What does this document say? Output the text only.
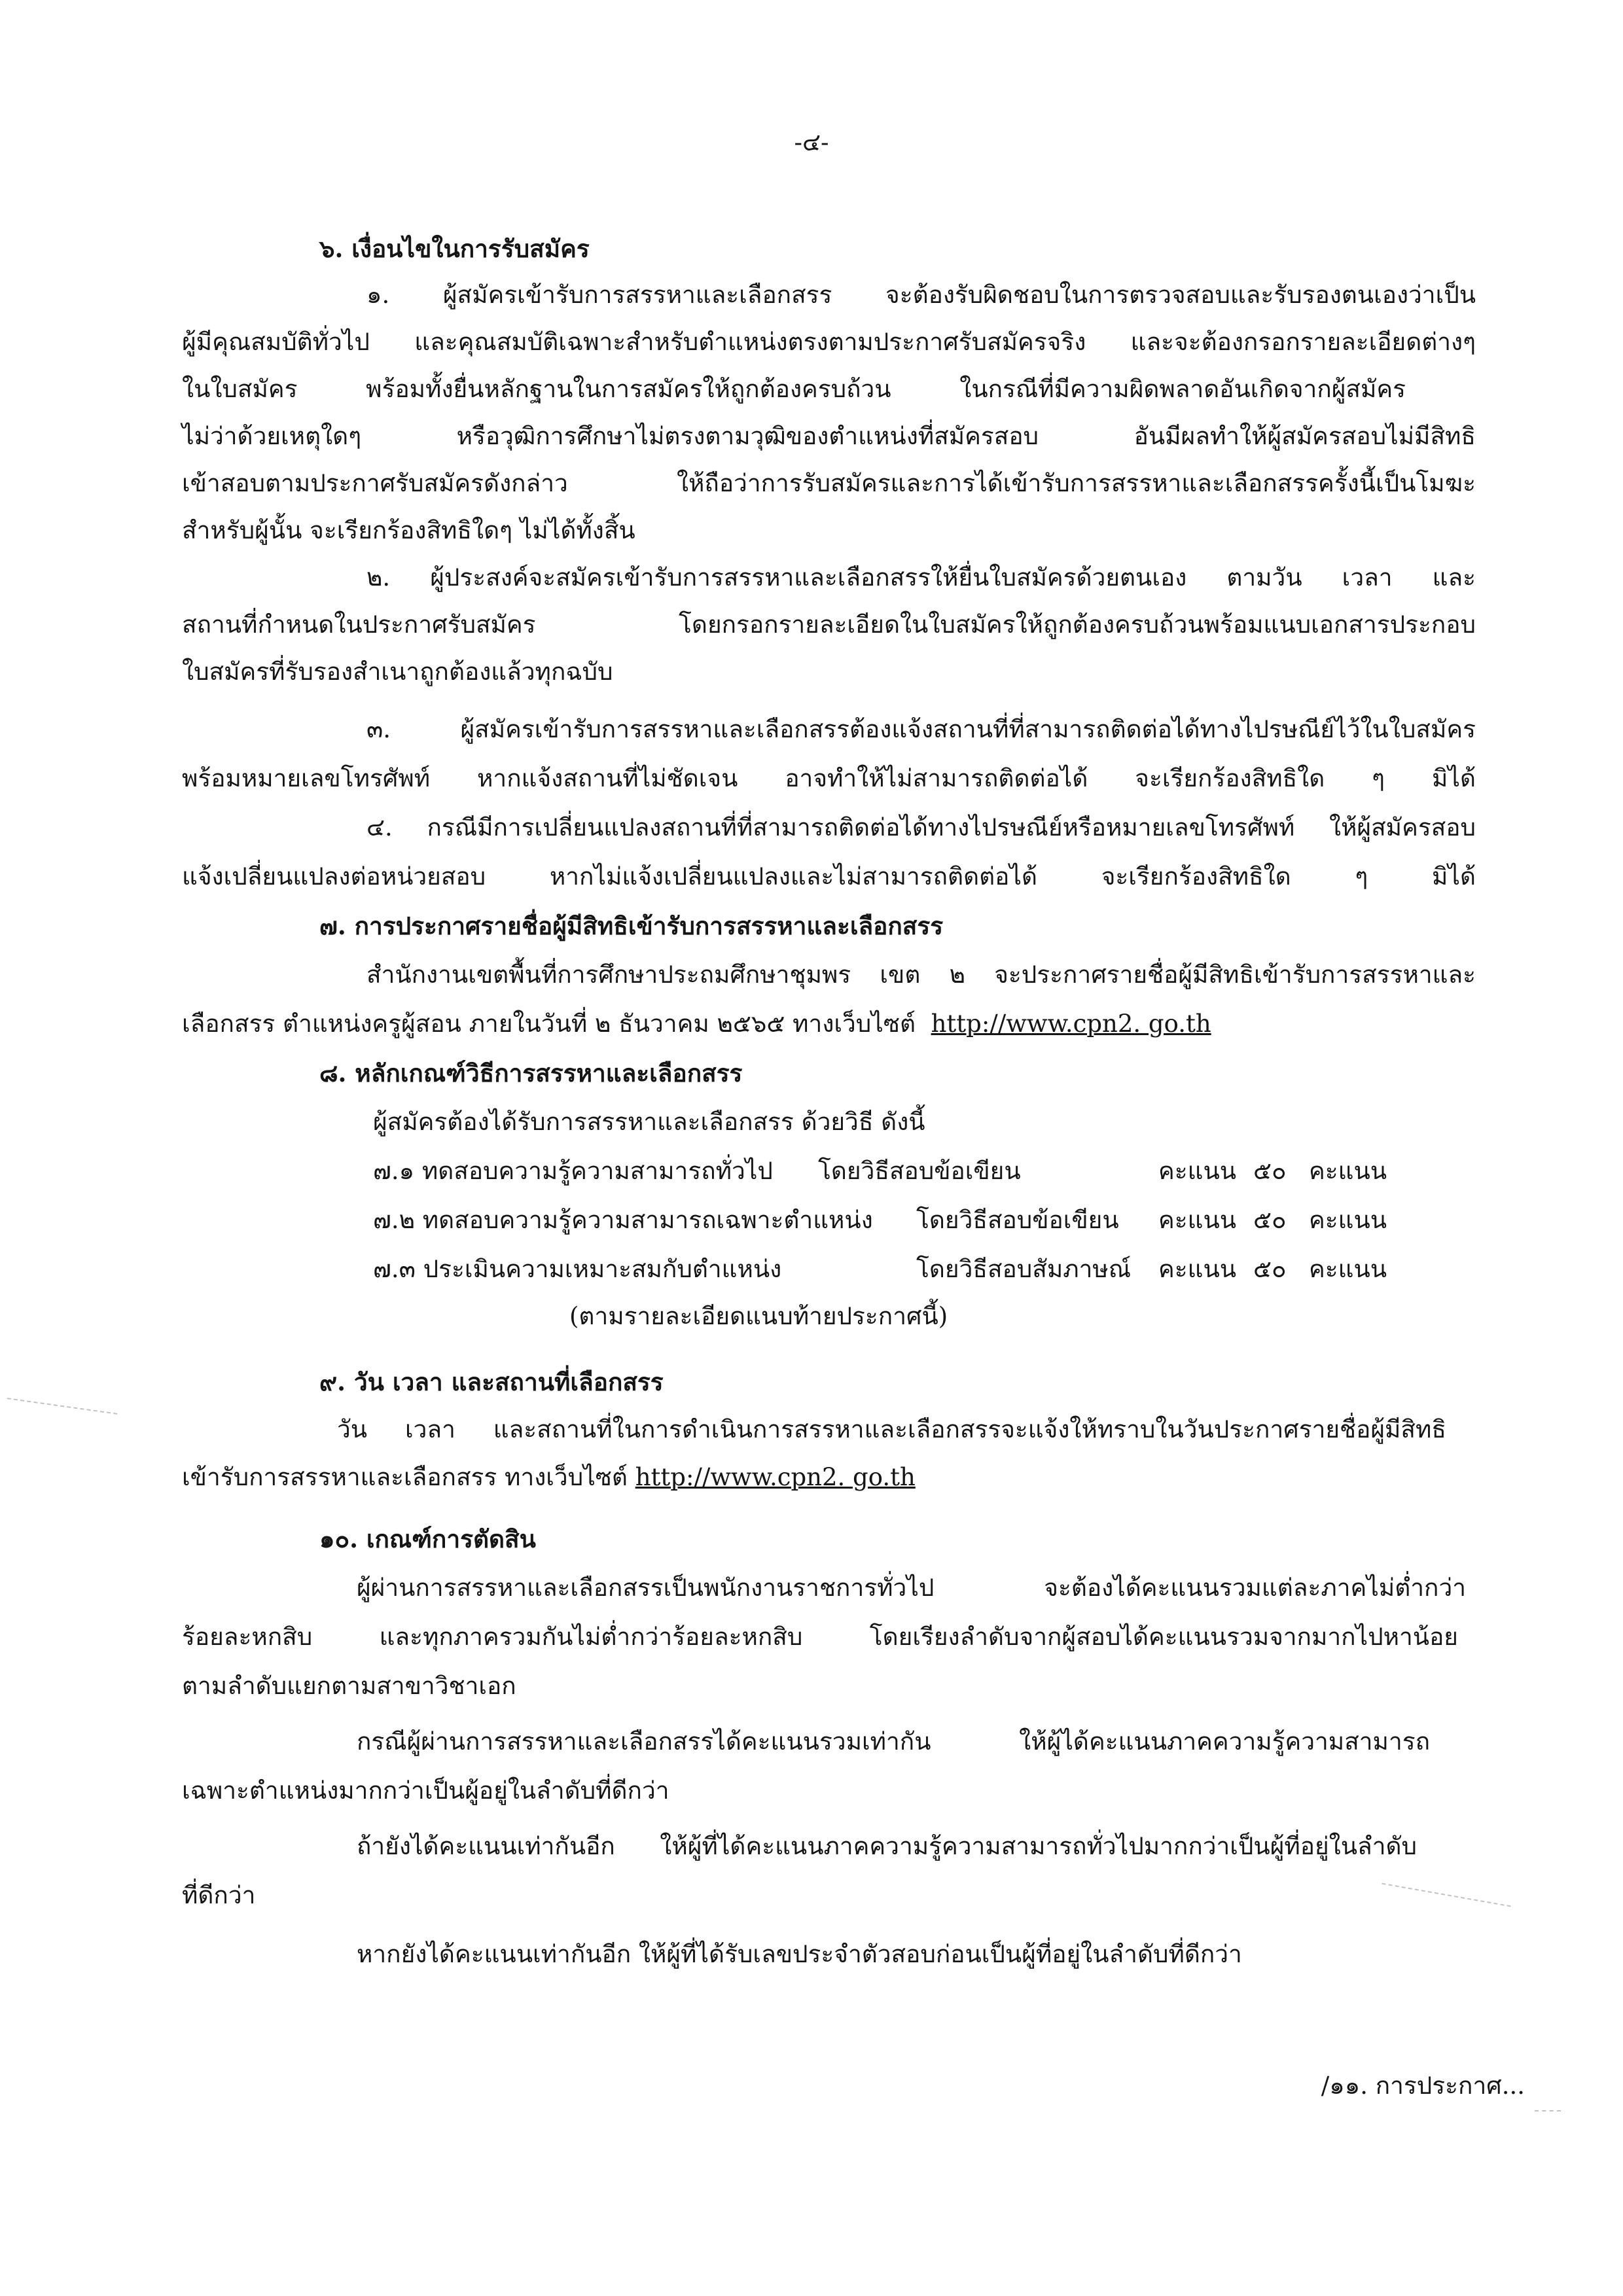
-๔-
๖. เงื่อนไขในการรับสมัคร
๑. ผู้สมัครเข้ารับการสรรหาและเลือกสรร จะต้องรับผิดชอบในการตรวจสอบและรับรองตนเองว่าเป็น
ผู้มีคุณสมบัติทั่วไป และคุณสมบัติเฉพาะสำหรับตำแหน่งตรงตามประกาศรับสมัครจริง และจะต้องกรอกรายละเอียดต่างๆ
ในใบสมัคร พร้อมทั้งยื่นหลักฐานในการสมัครให้ถูกต้องครบถ้วน ในกรณีที่มีความผิดพลาดอันเกิดจากผู้สมัคร
ไม่ว่าด้วยเหตุใดๆ หรือวุฒิการศึกษาไม่ตรงตามวุฒิของตำแหน่งที่สมัครสอบ อันมีผลทำให้ผู้สมัครสอบไม่มีสิทธิ
เข้าสอบตามประกาศรับสมัครดังกล่าว ให้ถือว่าการรับสมัครและการได้เข้ารับการสรรหาและเลือกสรรครั้งนี้เป็นโมฆะ
สำหรับผู้นั้น จะเรียกร้องสิทธิใดๆ ไม่ได้ทั้งสิ้น
๒. ผู้ประสงค์จะสมัครเข้ารับการสรรหาและเลือกสรรให้ยื่นใบสมัครด้วยตนเอง ตามวัน เวลา และ
สถานที่กำหนดในประกาศรับสมัคร โดยกรอกรายละเอียดในใบสมัครให้ถูกต้องครบถ้วนพร้อมแนบเอกสารประกอบ
ใบสมัครที่รับรองสำเนาถูกต้องแล้วทุกฉบับ
๓. ผู้สมัครเข้ารับการสรรหาและเลือกสรรต้องแจ้งสถานที่ที่สามารถติดต่อได้ทางไปรษณีย์ไว้ในใบสมัคร
พร้อมหมายเลขโทรศัพท์ หากแจ้งสถานที่ไม่ชัดเจน อาจทำให้ไม่สามารถติดต่อได้ จะเรียกร้องสิทธิใด ๆ มิได้
๔. กรณีมีการเปลี่ยนแปลงสถานที่ที่สามารถติดต่อได้ทางไปรษณีย์หรือหมายเลขโทรศัพท์ ให้ผู้สมัครสอบ
แจ้งเปลี่ยนแปลงต่อหน่วยสอบ หากไม่แจ้งเปลี่ยนแปลงและไม่สามารถติดต่อได้ จะเรียกร้องสิทธิใด ๆ มิได้
๗. การประกาศรายชื่อผู้มีสิทธิเข้ารับการสรรหาและเลือกสรร
สำนักงานเขตพื้นที่การศึกษาประถมศึกษาชุมพร เขต ๒ จะประกาศรายชื่อผู้มีสิทธิเข้ารับการสรรหาและ
เลือกสรร ตำแหน่งครูผู้สอน ภายในวันที่ ๒ ธันวาคม ๒๕๖๕ ทางเว็บไซต์ http://www.cpn2. go.th
๘. หลักเกณฑ์วิธีการสรรหาและเลือกสรร
ผู้สมัครต้องได้รับการสรรหาและเลือกสรร ด้วยวิธี ดังนี้
๗.๑ ทดสอบความรู้ความสามารถทั่วไป โดยวิธีสอบข้อเขียน	คะแนน ๕๐ คะแนน
๗.๒ ทดสอบความรู้ความสามารถเฉพาะตำแหน่ง โดยวิธีสอบข้อเขียน คะแนน ๕๐ คะแนน
๗.๓ ประเมินความเหมาะสมกับตำแหน่ง	โดยวิธีสอบสัมภาษณ์ คะแนน ๕๐ คะแนน
(ตามรายละเอียดแนบท้ายประกาศนี้)
๙. วัน เวลา และสถานที่เลือกสรร
วัน เวลา และสถานที่ในการดำเนินการสรรหาและเลือกสรรจะแจ้งให้ทราบในวันประกาศรายชื่อผู้มีสิทธิ
เข้ารับการสรรหาและเลือกสรร ทางเว็บไซต์ http://www.cpn2. go.th
๑๐. เกณฑ์การตัดสิน
ผู้ผ่านการสรรหาและเลือกสรรเป็นพนักงานราชการทั่วไป จะต้องได้คะแนนรวมแต่ละภาคไม่ต่ำกว่า
ร้อยละหกสิบ และทุกภาครวมกันไม่ต่ำกว่าร้อยละหกสิบ โดยเรียงลำดับจากผู้สอบได้คะแนนรวมจากมากไปหาน้อย
ตามลำดับแยกตามสาขาวิชาเอก
กรณีผู้ผ่านการสรรหาและเลือกสรรได้คะแนนรวมเท่ากัน ให้ผู้ได้คะแนนภาคความรู้ความสามารถ
เฉพาะตำแหน่งมากกว่าเป็นผู้อยู่ในลำดับที่ดีกว่า
ถ้ายังได้คะแนนเท่ากันอีก ให้ผู้ที่ได้คะแนนภาคความรู้ความสามารถทั่วไปมากกว่าเป็นผู้ที่อยู่ในลำดับ
ที่ดีกว่า
หากยังได้คะแนนเท่ากันอีก ให้ผู้ที่ได้รับเลขประจำตัวสอบก่อนเป็นผู้ที่อยู่ในลำดับที่ดีกว่า
/๑๑. การประกาศ...
